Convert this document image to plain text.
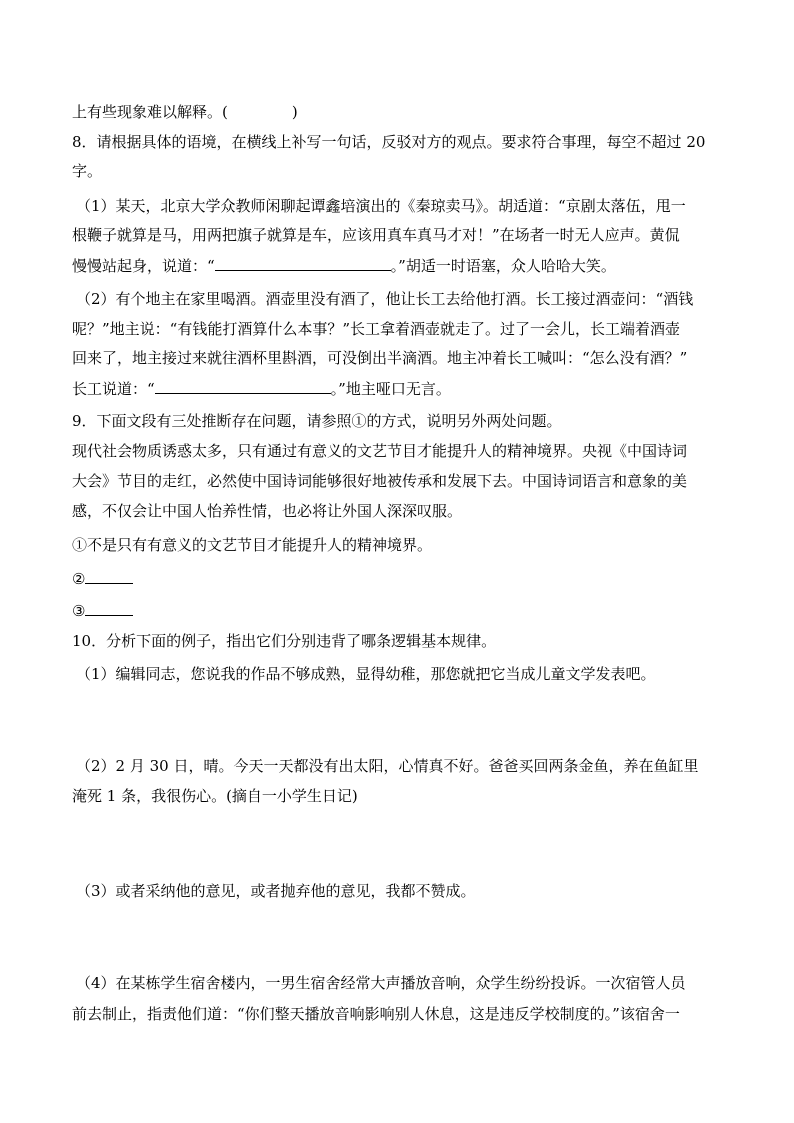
上有些现象难以解释。(	)
8．请根据具体的语境，在横线上补写一句话，反驳对方的观点。要求符合事理，每空不超过 20
字。
（1）某天，北京大学众教师闲聊起谭鑫培演出的《秦琼卖马》。胡适道：“京剧太落伍，甩一
根鞭子就算是马，用两把旗子就算是车，应该用真车真马才对！”在场者一时无人应声。黄侃
慢慢站起身，说道：“	。”胡适一时语塞，众人哈哈大笑。
（2）有个地主在家里喝酒。酒壶里没有酒了，他让长工去给他打酒。长工接过酒壶问：“酒钱
呢？”地主说：“有钱能打酒算什么本事？”长工拿着酒壶就走了。过了一会儿，长工端着酒壶
回来了，地主接过来就往酒杯里斟酒，可没倒出半滴酒。地主冲着长工喊叫：“怎么没有酒？”
长工说道：“	。”地主哑口无言。
9．下面文段有三处推断存在问题，请参照①的方式，说明另外两处问题。
现代社会物质诱惑太多，只有通过有意义的文艺节目才能提升人的精神境界。央视《中国诗词
大会》节目的走红，必然使中国诗词能够很好地被传承和发展下去。中国诗词语言和意象的美
感，不仅会让中国人怡养性情，也必将让外国人深深叹服。
①不是只有有意义的文艺节目才能提升人的精神境界。
②
③
10．分析下面的例子，指出它们分别违背了哪条逻辑基本规律。
（1）编辑同志，您说我的作品不够成熟，显得幼稚，那您就把它当成儿童文学发表吧。
（2）2 月 30 日，晴。今天一天都没有出太阳，心情真不好。爸爸买回两条金鱼，养在鱼缸里
淹死 1 条，我很伤心。(摘自一小学生日记)
（3）或者采纳他的意见，或者抛弃他的意见，我都不赞成。
（4）在某栋学生宿舍楼内，一男生宿舍经常大声播放音响，众学生纷纷投诉。一次宿管人员
前去制止，指责他们道：“你们整天播放音响影响别人休息，这是违反学校制度的。”该宿舍一
